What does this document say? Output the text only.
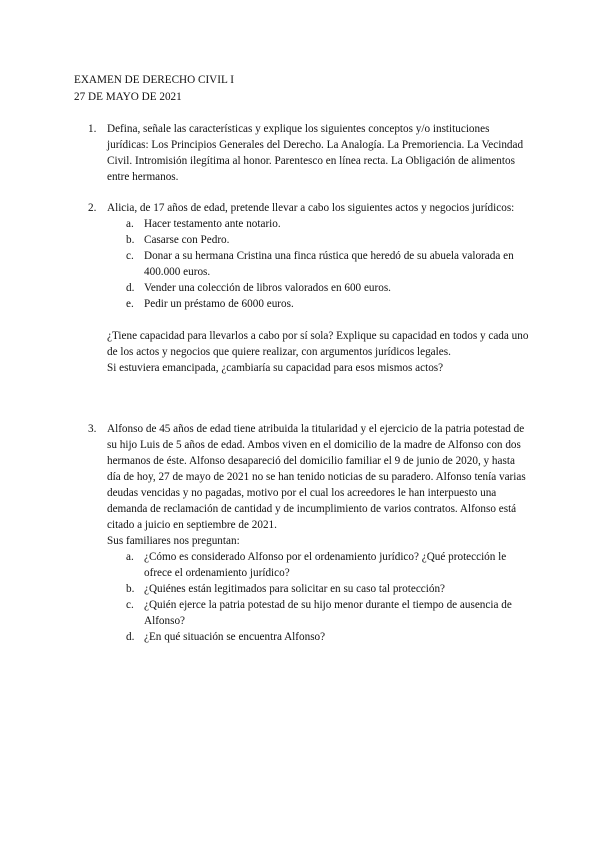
EXAMEN DE DERECHO CIVIL I
27 DE MAYO DE 2021
1. Defina, señale las características y explique los siguientes conceptos y/o instituciones jurídicas: Los Principios Generales del Derecho. La Analogía. La Premoriencia. La Vecindad Civil. Intromisión ilegítima al honor. Parentesco en línea recta. La Obligación de alimentos entre hermanos.

2. Alicia, de 17 años de edad, pretende llevar a cabo los siguientes actos y negocios jurídicos:

a. Hacer testamento ante notario.
b. Casarse con Pedro.
c. Donar a su hermana Cristina una finca rústica que heredó de su abuela valorada en 400.000 euros.
d. Vender una colección de libros valorados en 600 euros.
e. Pedir un préstamo de 6000 euros.

¿Tiene capacidad para llevarlos a cabo por sí sola? Explique su capacidad en todos y cada uno de los actos y negocios que quiere realizar, con argumentos jurídicos legales.

Si estuviera emancipada, ¿cambiaría su capacidad para esos mismos actos?

3. Alfonso de 45 años de edad tiene atribuida la titularidad y el ejercicio de la patria potestad de su hijo Luis de 5 años de edad. Ambos viven en el domicilio de la madre de Alfonso con dos hermanos de éste. Alfonso desapareció del domicilio familiar el 9 de junio de 2020, y hasta día de hoy, 27 de mayo de 2021 no se han tenido noticias de su paradero. Alfonso tenía varias deudas vencidas y no pagadas, motivo por el cual los acreedores le han interpuesto una demanda de reclamación de cantidad y de incumplimiento de varios contratos. Alfonso está citado a juicio en septiembre de 2021.

Sus familiares nos preguntan:

a. ¿Cómo es considerado Alfonso por el ordenamiento jurídico? ¿Qué protección le ofrece el ordenamiento jurídico?
b. ¿Quiénes están legitimados para solicitar en su caso tal protección?
c. ¿Quién ejerce la patria potestad de su hijo menor durante el tiempo de ausencia de Alfonso?
d. ¿En qué situación se encuentra Alfonso?
